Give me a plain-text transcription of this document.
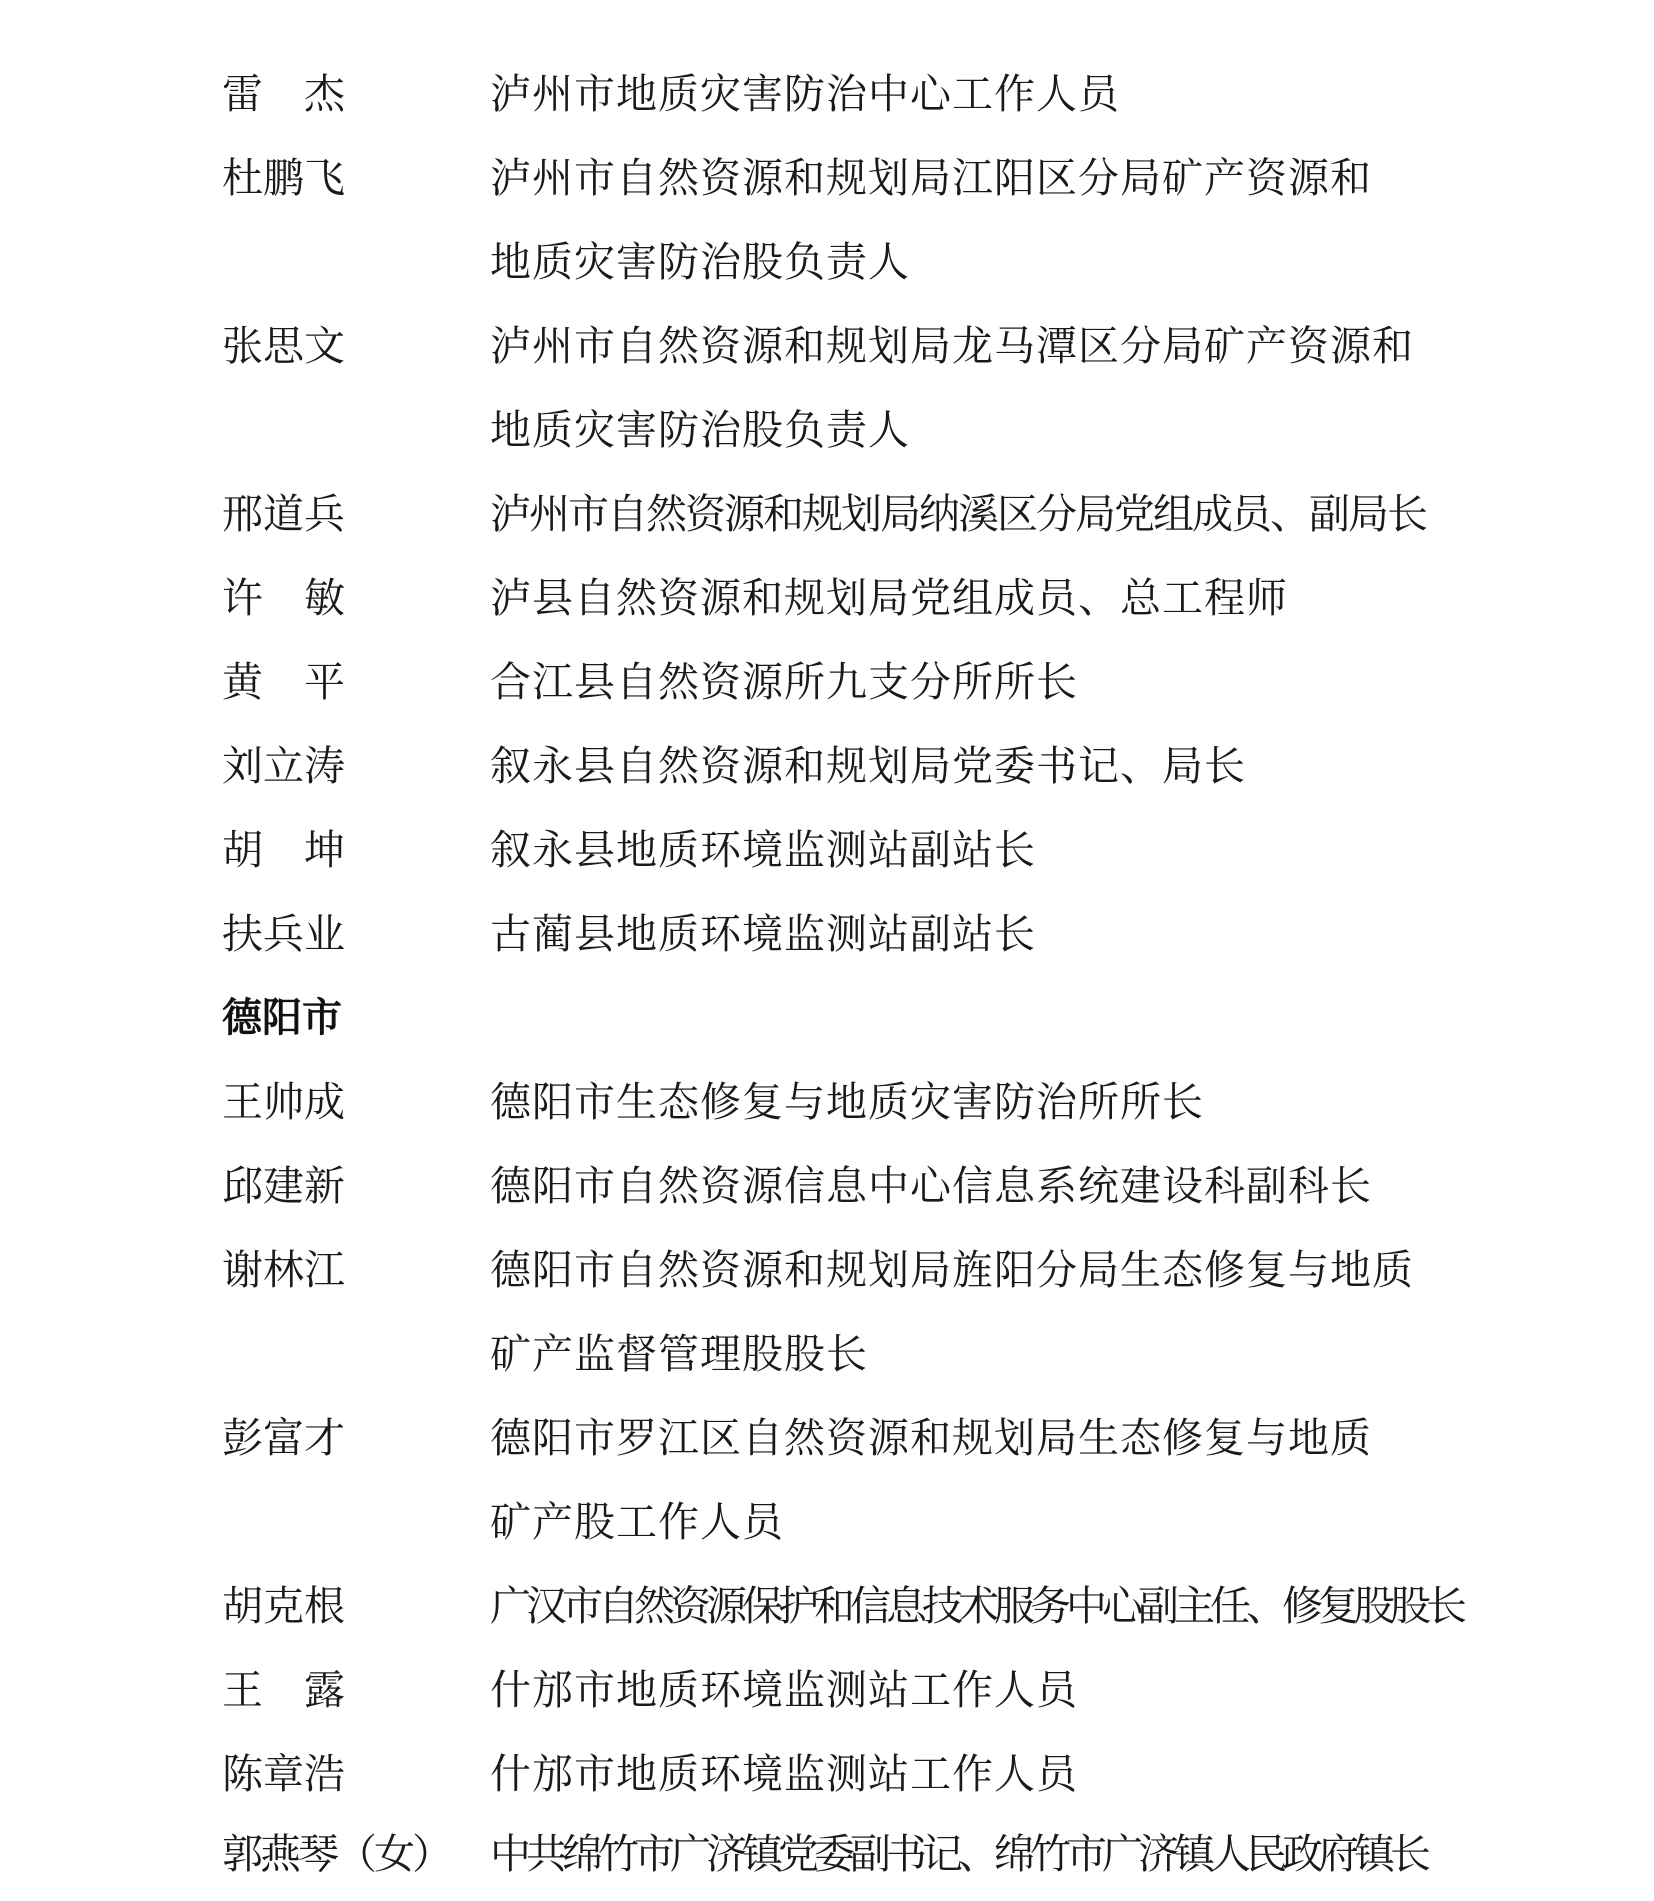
雷　杰	泸州市地质灾害防治中心工作人员
杜鹏飞	泸州市自然资源和规划局江阳区分局矿产资源和
地质灾害防治股负责人
张思文	泸州市自然资源和规划局龙马潭区分局矿产资源和
地质灾害防治股负责人
邢道兵	泸州市自然资源和规划局纳溪区分局党组成员、副局长
许　敏	泸县自然资源和规划局党组成员、总工程师
黄　平	合江县自然资源所九支分所所长
刘立涛	叙永县自然资源和规划局党委书记、局长
胡　坤	叙永县地质环境监测站副站长
扶兵业	古蔺县地质环境监测站副站长
德阳市
王帅成	德阳市生态修复与地质灾害防治所所长
邱建新	德阳市自然资源信息中心信息系统建设科副科长
谢林江	德阳市自然资源和规划局旌阳分局生态修复与地质
矿产监督管理股股长
彭富才	德阳市罗江区自然资源和规划局生态修复与地质
矿产股工作人员
胡克根	广汉市自然资源保护和信息技术服务中心副主任、修复股股长
王　露	什邡市地质环境监测站工作人员
陈章浩	什邡市地质环境监测站工作人员
郭燕琴（女） 中共绵竹市广济镇党委副书记、绵竹市广济镇人民政府镇长
